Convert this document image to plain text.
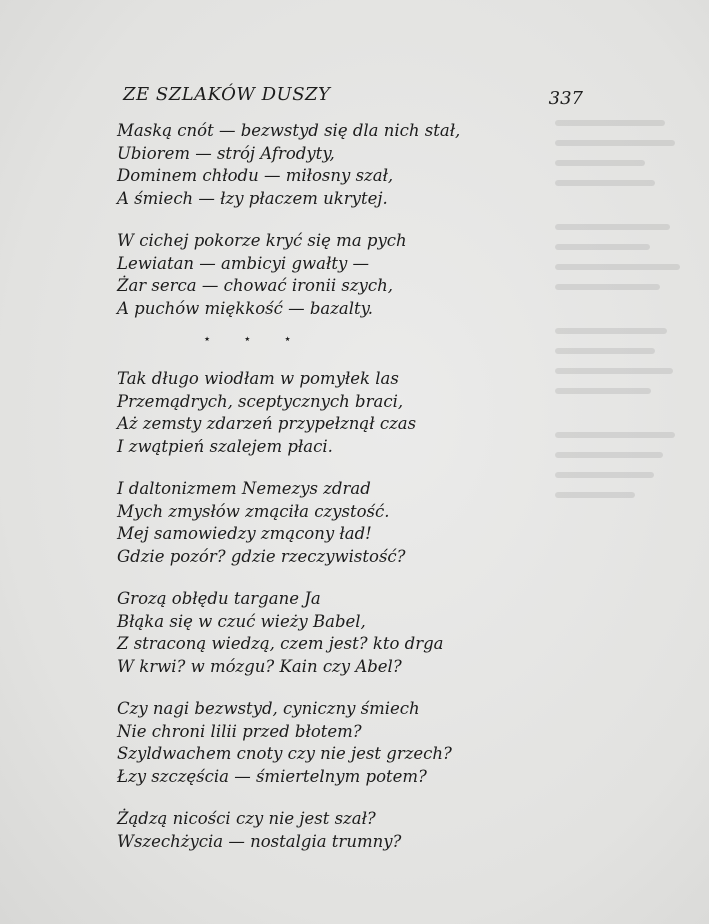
ZE SZLAKÓW DUSZY	337
Maską cnót — bezwstyd się dla nich stał,
Ubiorem — strój Afrodyty,
Dominem chłodu — miłosny szał,
A śmiech — łzy płaczem ukrytej.
W cichej pokorze kryć się ma pych
Lewiatan — ambicyi gwałty —
Żar serca — chować ironii szych,
A puchów miękkość — bazalty.
⋆ ⋆ ⋆
Tak długo wiodłam w pomyłek las
Przemądrych, sceptycznych braci,
Aż zemsty zdarzeń przypełznął czas
I zwątpień szalejem płaci.
I daltonizmem Nemezys zdrad
Mych zmysłów zmąciła czystość.
Mej samowiedzy zmącony ład!
Gdzie pozór? gdzie rzeczywistość?
Grozą obłędu targane Ja
Błąka się w czuć wieży Babel,
Z straconą wiedzą, czem jest? kto drga
W krwi? w mózgu? Kain czy Abel?
Czy nagi bezwstyd, cyniczny śmiech
Nie chroni lilii przed błotem?
Szyldwachem cnoty czy nie jest grzech?
Łzy szczęścia — śmiertelnym potem?
Żądzą nicości czy nie jest szał?
Wszechżycia — nostalgia trumny?
